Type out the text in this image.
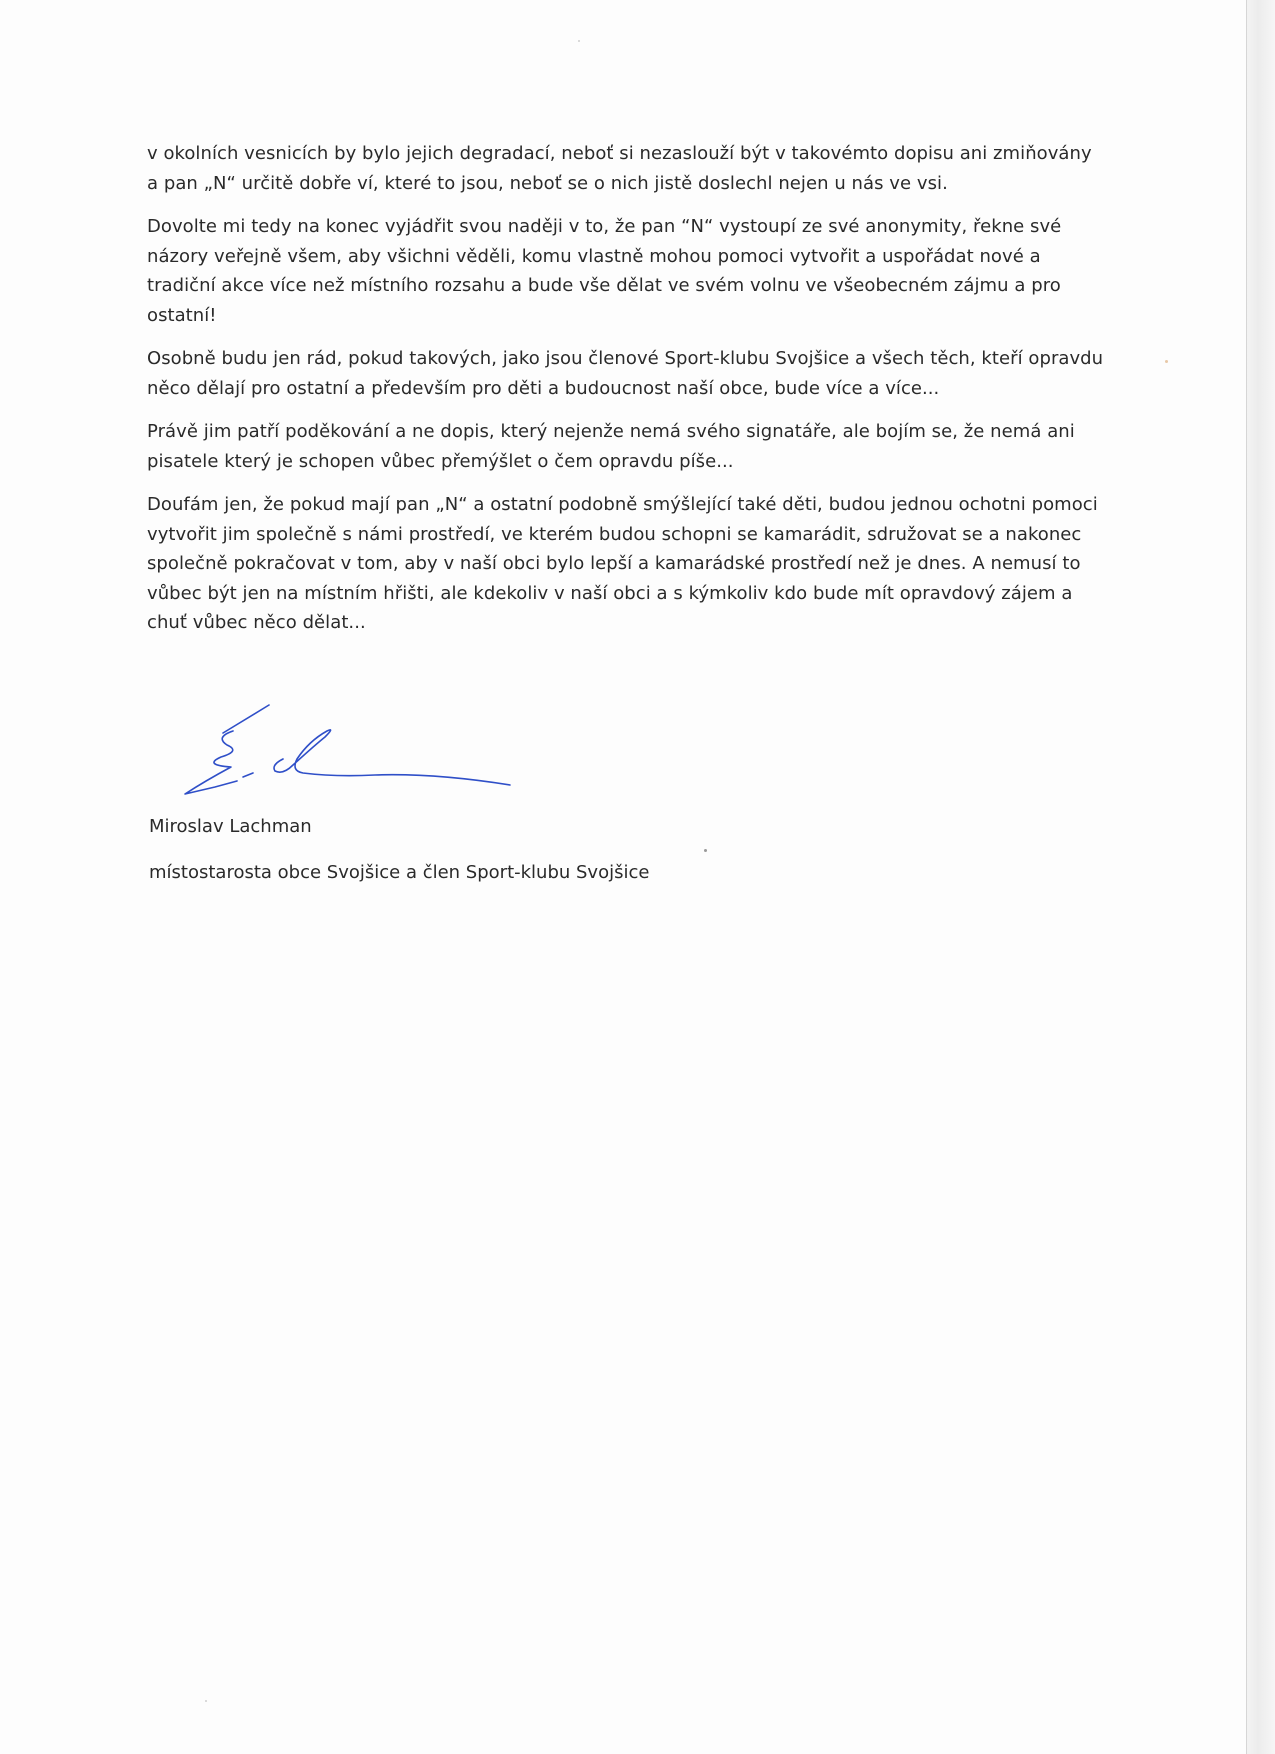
v okolních vesnicích by bylo jejich degradací, neboť si nezaslouží být v takovémto dopisu ani zmiňovány a pan „N“ určitě dobře ví, které to jsou, neboť se o nich jistě doslechl nejen u nás ve vsi.

Dovolte mi tedy na konec vyjádřit svou naději v to, že pan “N“ vystoupí ze své anonymity, řekne své názory veřejně všem, aby všichni věděli, komu vlastně mohou pomoci vytvořit a uspořádat nové a tradiční akce více než místního rozsahu a bude vše dělat ve svém volnu ve všeobecném zájmu a pro ostatní!

Osobně budu jen rád, pokud takových, jako jsou členové Sport-klubu Svojšice a všech těch, kteří opravdu něco dělají pro ostatní a především pro děti a budoucnost naší obce, bude více a více...

Právě jim patří poděkování a ne dopis, který nejenže nemá svého signatáře, ale bojím se, že nemá ani pisatele který je schopen vůbec přemýšlet o čem opravdu píše...

Doufám jen, že pokud mají pan „N“ a ostatní podobně smýšlející také děti, budou jednou ochotni pomoci vytvořit jim společně s námi prostředí, ve kterém budou schopni se kamarádit, sdružovat se a nakonec společně pokračovat v tom, aby v naší obci bylo lepší a kamarádské prostředí než je dnes. A nemusí to vůbec být jen na místním hřišti, ale kdekoliv v naší obci a s kýmkoliv kdo bude mít opravdový zájem a chuť vůbec něco dělat...

Miroslav Lachman
místostarosta obce Svojšice a člen Sport-klubu Svojšice
